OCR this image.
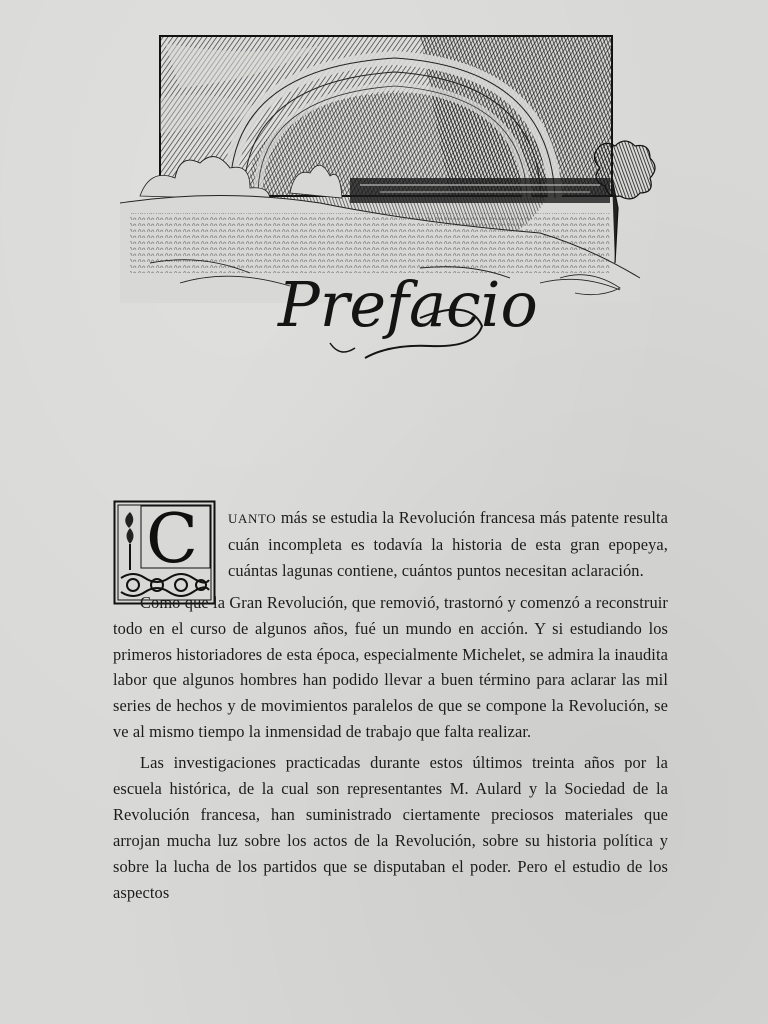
Prefacio
C	UANTO más se estudia la Revolución francesa más patente resulta cuán incompleta es todavía la historia de esta gran epopeya, cuántas lagunas contiene, cuántos puntos necesitan aclaración.

Como que la Gran Revolución, que removió, trastornó y comenzó a reconstruir todo en el curso de algunos años, fué un mundo en acción. Y si estudiando los primeros historiadores de esta época, especialmente Michelet, se admira la inaudita labor que algunos hombres han podido llevar a buen término para aclarar las mil series de hechos y de movimientos paralelos de que se compone la Revolución, se ve al mismo tiempo la inmensidad de trabajo que falta realizar.

Las investigaciones practicadas durante estos últimos treinta años por la escuela histórica, de la cual son representantes M. Aulard y la Sociedad de la Revolución francesa, han suministrado ciertamente preciosos materiales que arrojan mucha luz sobre los actos de la Revolución, sobre su historia política y sobre la lucha de los partidos que se disputaban el poder. Pero el estudio de los aspectos
